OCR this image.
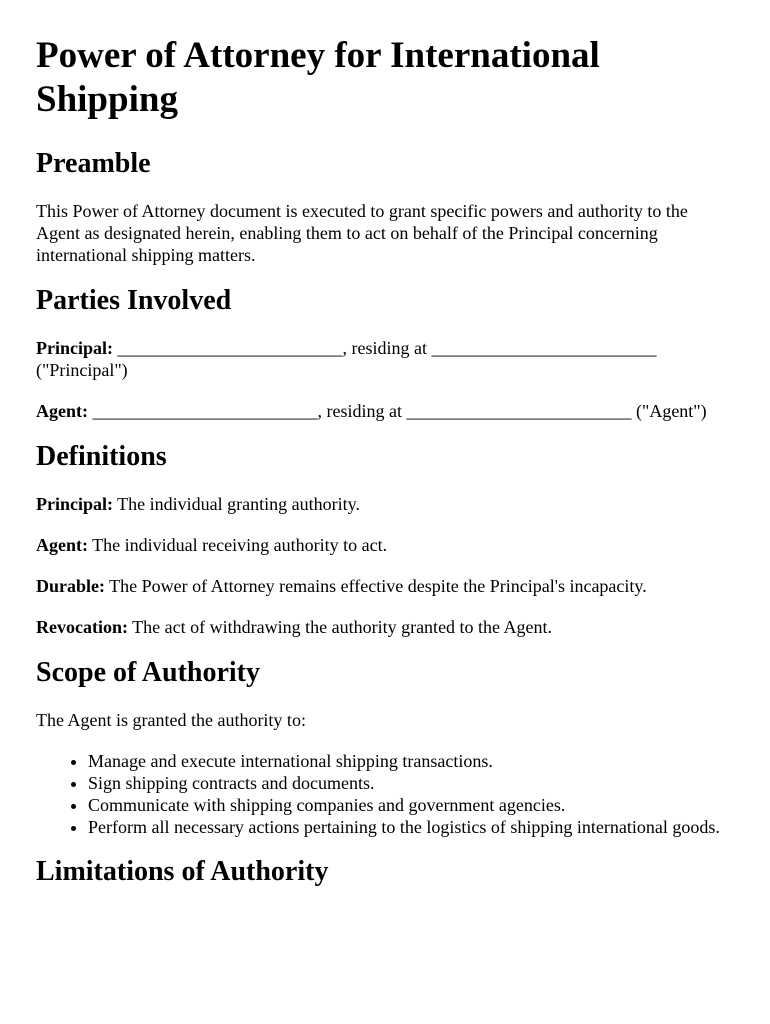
Power of Attorney for International Shipping
Preamble

This Power of Attorney document is executed to grant specific powers and authority to the Agent as designated herein, enabling them to act on behalf of the Principal concerning international shipping matters.

Parties Involved

Principal: _________________________, residing at _________________________ ("Principal")

Agent: _________________________, residing at _________________________ ("Agent")

Definitions

Principal: The individual granting authority.

Agent: The individual receiving authority to act.

Durable: The Power of Attorney remains effective despite the Principal's incapacity.

Revocation: The act of withdrawing the authority granted to the Agent.

Scope of Authority

The Agent is granted the authority to:

• Manage and execute international shipping transactions.
• Sign shipping contracts and documents.
• Communicate with shipping companies and government agencies.
• Perform all necessary actions pertaining to the logistics of shipping international goods.
Limitations of Authority
